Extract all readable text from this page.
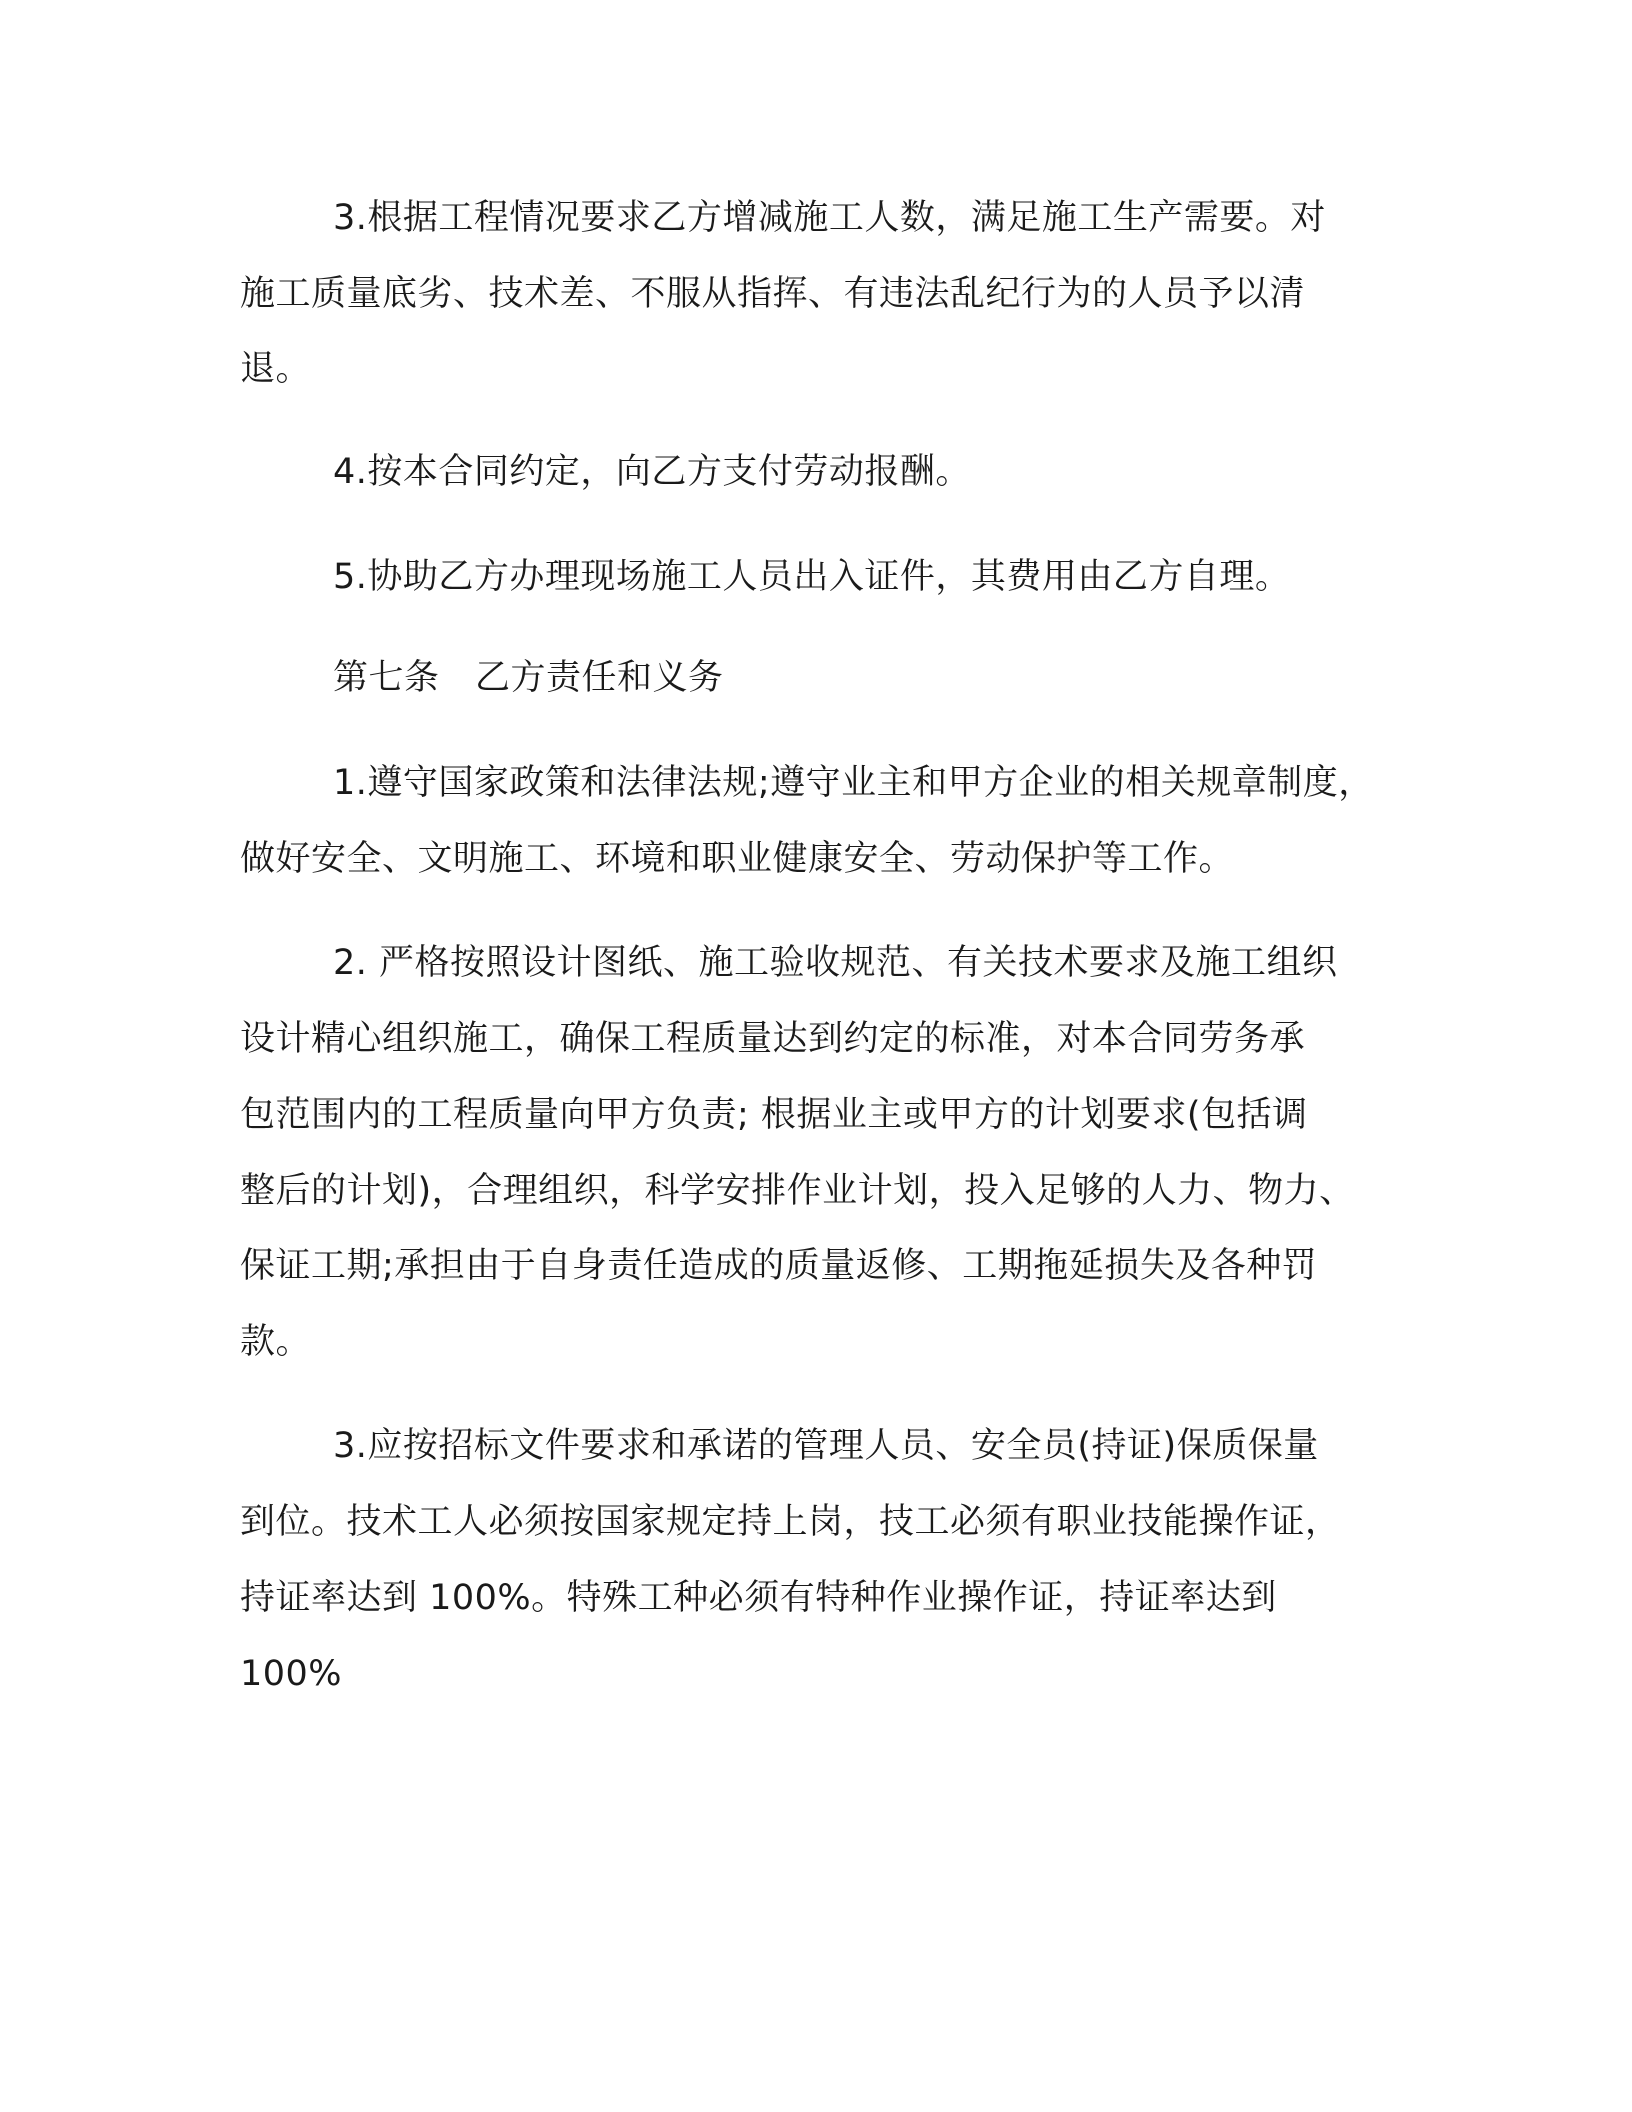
3.根据工程情况要求乙方增减施工人数，满足施工生产需要。对
施工质量底劣、技术差、不服从指挥、有违法乱纪行为的人员予以清
退。
4.按本合同约定，向乙方支付劳动报酬。
5.协助乙方办理现场施工人员出入证件，其费用由乙方自理。
第七条　乙方责任和义务
1.遵守国家政策和法律法规;遵守业主和甲方企业的相关规章制度，
做好安全、文明施工、环境和职业健康安全、劳动保护等工作。
2. 严格按照设计图纸、施工验收规范、有关技术要求及施工组织
设计精心组织施工，确保工程质量达到约定的标准，对本合同劳务承
包范围内的工程质量向甲方负责; 根据业主或甲方的计划要求(包括调
整后的计划)，合理组织，科学安排作业计划，投入足够的人力、物力、
保证工期;承担由于自身责任造成的质量返修、工期拖延损失及各种罚
款。
3.应按招标文件要求和承诺的管理人员、安全员(持证)保质保量
到位。技术工人必须按国家规定持上岗，技工必须有职业技能操作证，
持证率达到 100%。特殊工种必须有特种作业操作证，持证率达到
100%
